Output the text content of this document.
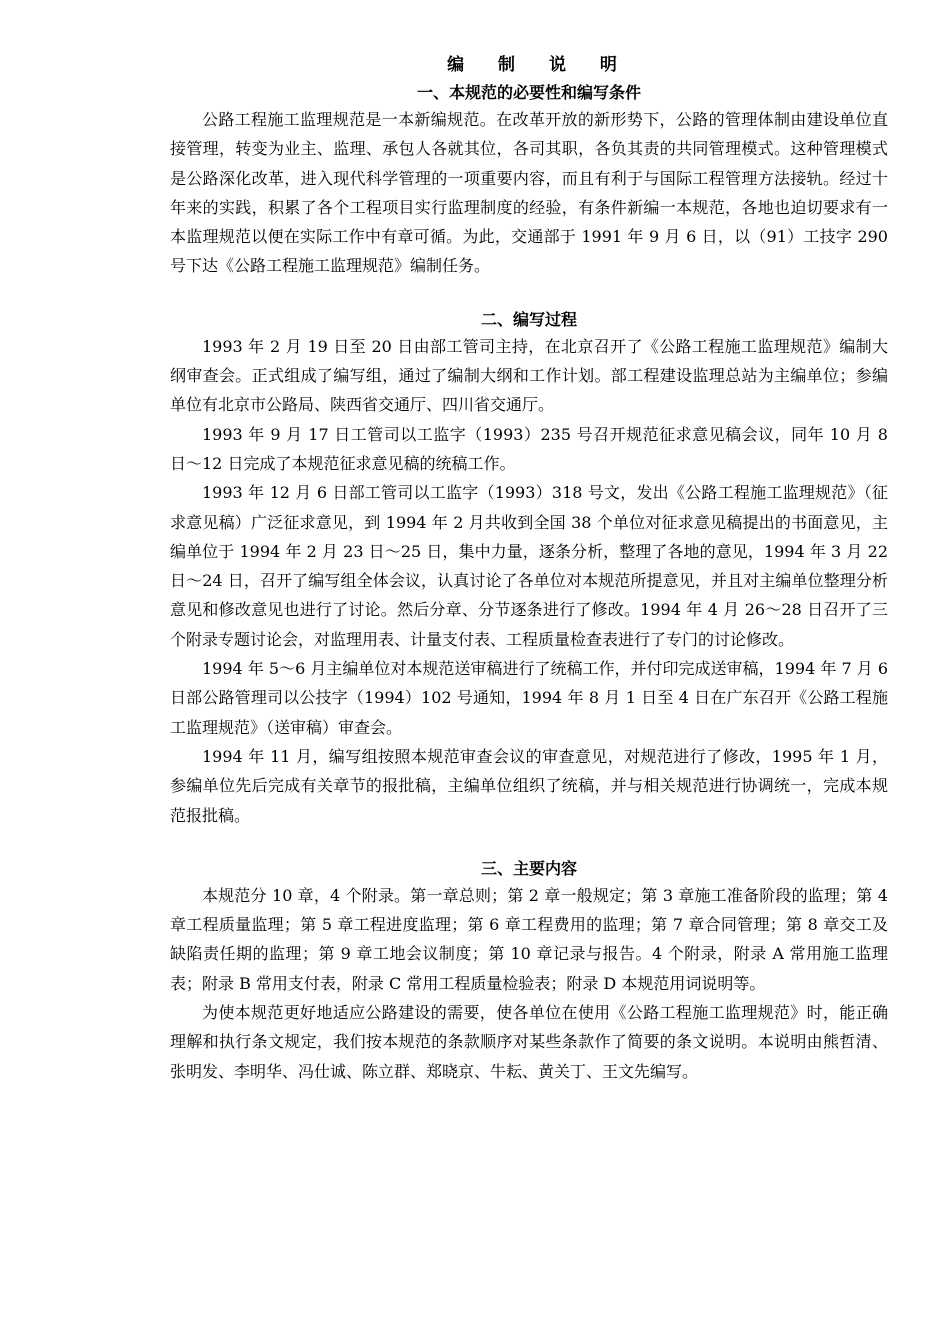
编 制 说 明
一、本规范的必要性和编写条件

公路工程施工监理规范是一本新编规范。在改革开放的新形势下，公路的管理体制由建设单位直接管理，转变为业主、监理、承包人各就其位，各司其职，各负其责的共同管理模式。这种管理模式是公路深化改革，进入现代科学管理的一项重要内容，而且有利于与国际工程管理方法接轨。经过十年来的实践，积累了各个工程项目实行监理制度的经验，有条件新编一本规范，各地也迫切要求有一本监理规范以便在实际工作中有章可循。为此，交通部于 1991 年 9 月 6 日，以（91）工技字 290 号下达《公路工程施工监理规范》编制任务。

二、编写过程

1993 年 2 月 19 日至 20 日由部工管司主持，在北京召开了《公路工程施工监理规范》编制大纲审查会。正式组成了编写组，通过了编制大纲和工作计划。部工程建设监理总站为主编单位；参编单位有北京市公路局、陕西省交通厅、四川省交通厅。

1993 年 9 月 17 日工管司以工监字（1993）235 号召开规范征求意见稿会议，同年 10 月 8 日～12 日完成了本规范征求意见稿的统稿工作。

1993 年 12 月 6 日部工管司以工监字（1993）318 号文，发出《公路工程施工监理规范》（征求意见稿）广泛征求意见，到 1994 年 2 月共收到全国 38 个单位对征求意见稿提出的书面意见，主编单位于 1994 年 2 月 23 日～25 日，集中力量，逐条分析，整理了各地的意见，1994 年 3 月 22 日～24 日，召开了编写组全体会议，认真讨论了各单位对本规范所提意见，并且对主编单位整理分析意见和修改意见也进行了讨论。然后分章、分节逐条进行了修改。1994 年 4 月 26～28 日召开了三个附录专题讨论会，对监理用表、计量支付表、工程质量检查表进行了专门的讨论修改。

1994 年 5～6 月主编单位对本规范送审稿进行了统稿工作，并付印完成送审稿，1994 年 7 月 6 日部公路管理司以公技字（1994）102 号通知，1994 年 8 月 1 日至 4 日在广东召开《公路工程施工监理规范》（送审稿）审查会。

1994 年 11 月，编写组按照本规范审查会议的审查意见，对规范进行了修改，1995 年 1 月，参编单位先后完成有关章节的报批稿，主编单位组织了统稿，并与相关规范进行协调统一，完成本规范报批稿。

三、主要内容

本规范分 10 章，4 个附录。第一章总则；第 2 章一般规定；第 3 章施工准备阶段的监理；第 4 章工程质量监理；第 5 章工程进度监理；第 6 章工程费用的监理；第 7 章合同管理；第 8 章交工及缺陷责任期的监理；第 9 章工地会议制度；第 10 章记录与报告。4 个附录，附录 A 常用施工监理表；附录 B 常用支付表，附录 C 常用工程质量检验表；附录 D 本规范用词说明等。

为使本规范更好地适应公路建设的需要，使各单位在使用《公路工程施工监理规范》时，能正确理解和执行条文规定，我们按本规范的条款顺序对某些条款作了简要的条文说明。本说明由熊哲清、张明发、李明华、冯仕诚、陈立群、郑晓京、牛耘、黄关丁、王文先编写。
